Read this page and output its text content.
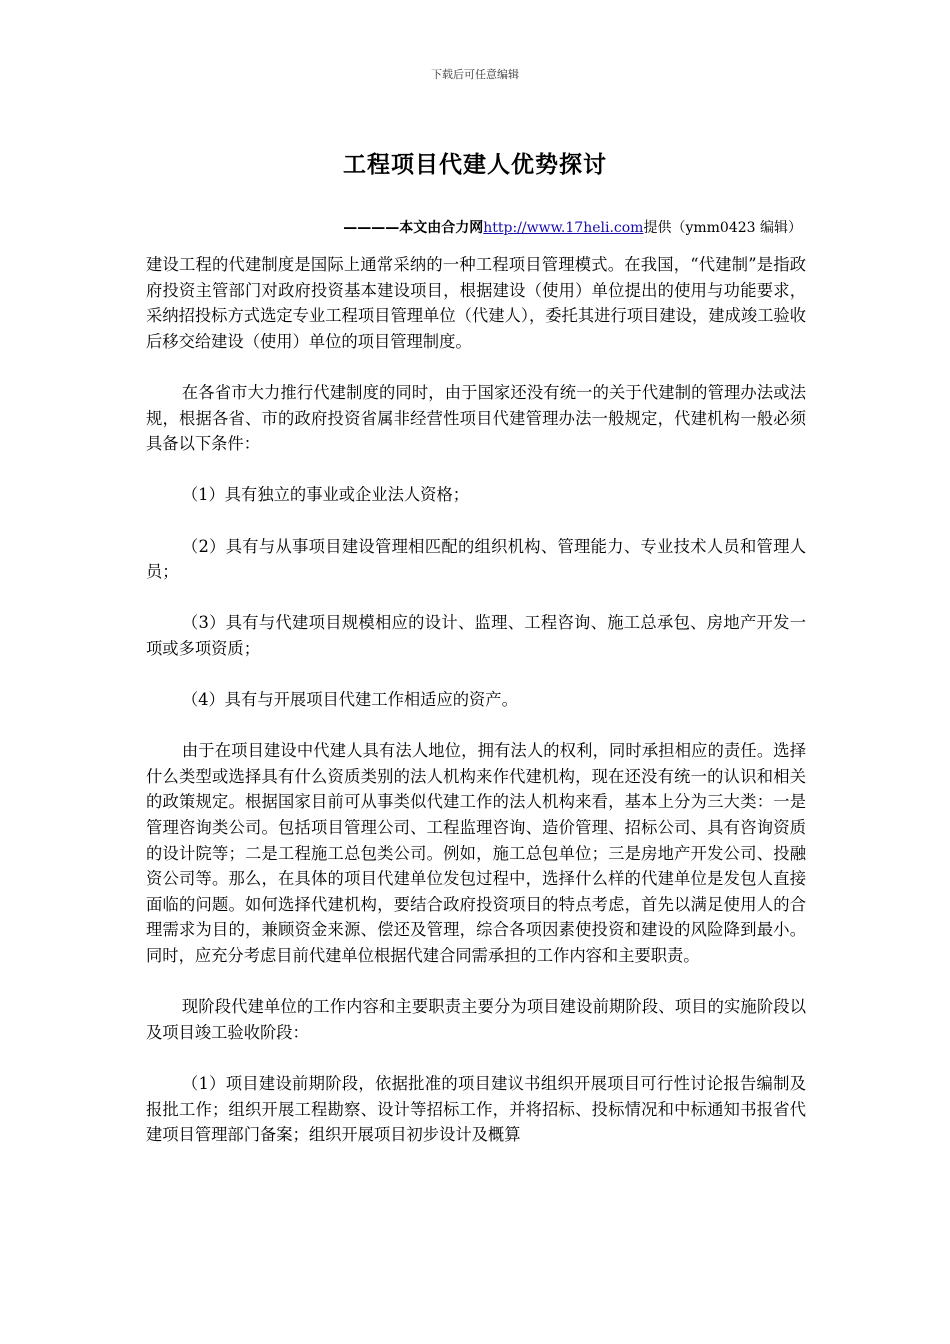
下载后可任意编辑
工程项目代建人优势探讨
————本文由合力网http://www.17heli.com提供（ymm0423 编辑）

建设工程的代建制度是国际上通常采纳的一种工程项目管理模式。在我国，“代建制”是指政府投资主管部门对政府投资基本建设项目，根据建设（使用）单位提出的使用与功能要求，采纳招投标方式选定专业工程项目管理单位（代建人），委托其进行项目建设，建成竣工验收后移交给建设（使用）单位的项目管理制度。

在各省市大力推行代建制度的同时，由于国家还没有统一的关于代建制的管理办法或法规，根据各省、市的政府投资省属非经营性项目代建管理办法一般规定，代建机构一般必须具备以下条件：

（1）具有独立的事业或企业法人资格；

（2）具有与从事项目建设管理相匹配的组织机构、管理能力、专业技术人员和管理人员；

（3）具有与代建项目规模相应的设计、监理、工程咨询、施工总承包、房地产开发一项或多项资质；

（4）具有与开展项目代建工作相适应的资产。

由于在项目建设中代建人具有法人地位，拥有法人的权利，同时承担相应的责任。选择什么类型或选择具有什么资质类别的法人机构来作代建机构，现在还没有统一的认识和相关的政策规定。根据国家目前可从事类似代建工作的法人机构来看，基本上分为三大类：一是管理咨询类公司。包括项目管理公司、工程监理咨询、造价管理、招标公司、具有咨询资质的设计院等；二是工程施工总包类公司。例如，施工总包单位；三是房地产开发公司、投融资公司等。那么，在具体的项目代建单位发包过程中，选择什么样的代建单位是发包人直接面临的问题。如何选择代建机构，要结合政府投资项目的特点考虑，首先以满足使用人的合理需求为目的，兼顾资金来源、偿还及管理，综合各项因素使投资和建设的风险降到最小。同时，应充分考虑目前代建单位根据代建合同需承担的工作内容和主要职责。

现阶段代建单位的工作内容和主要职责主要分为项目建设前期阶段、项目的实施阶段以及项目竣工验收阶段：

（1）项目建设前期阶段，依据批准的项目建议书组织开展项目可行性讨论报告编制及报批工作；组织开展工程勘察、设计等招标工作，并将招标、投标情况和中标通知书报省代建项目管理部门备案；组织开展项目初步设计及概算
